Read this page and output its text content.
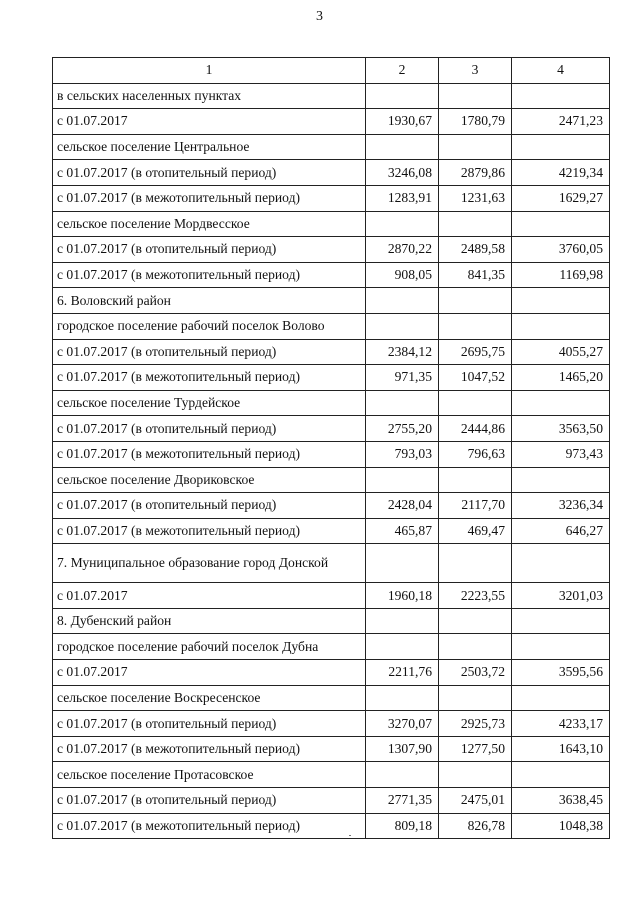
3
1	2	3	4
в сельских населенных пунктах			
с 01.07.2017	1930,67	1780,79	2471,23
сельское поселение Центральное			
с 01.07.2017 (в отопительный период)	3246,08	2879,86	4219,34
с 01.07.2017 (в межотопительный период)	1283,91	1231,63	1629,27
сельское поселение Мордвесское			
с 01.07.2017 (в отопительный период)	2870,22	2489,58	3760,05
с 01.07.2017 (в межотопительный период)	908,05	841,35	1169,98
6. Воловский район			
городское поселение рабочий поселок Волово			
с 01.07.2017 (в отопительный период)	2384,12	2695,75	4055,27
с 01.07.2017 (в межотопительный период)	971,35	1047,52	1465,20
сельское поселение Турдейское			
с 01.07.2017 (в отопительный период)	2755,20	2444,86	3563,50
с 01.07.2017 (в межотопительный период)	793,03	796,63	973,43
сельское поселение Двориковское			
с 01.07.2017 (в отопительный период)	2428,04	2117,70	3236,34
с 01.07.2017 (в межотопительный период)	465,87	469,47	646,27
7. Муниципальное образование город Донской			
с 01.07.2017	1960,18	2223,55	3201,03
8. Дубенский район			
городское поселение рабочий поселок Дубна			
с 01.07.2017	2211,76	2503,72	3595,56
сельское поселение Воскресенское			
с 01.07.2017 (в отопительный период)	3270,07	2925,73	4233,17
с 01.07.2017 (в межотопительный период)	1307,90	1277,50	1643,10
сельское поселение Протасовское			
с 01.07.2017 (в отопительный период)	2771,35	2475,01	3638,45
с 01.07.2017 (в межотопительный период)	809,18	826,78	1048,38
